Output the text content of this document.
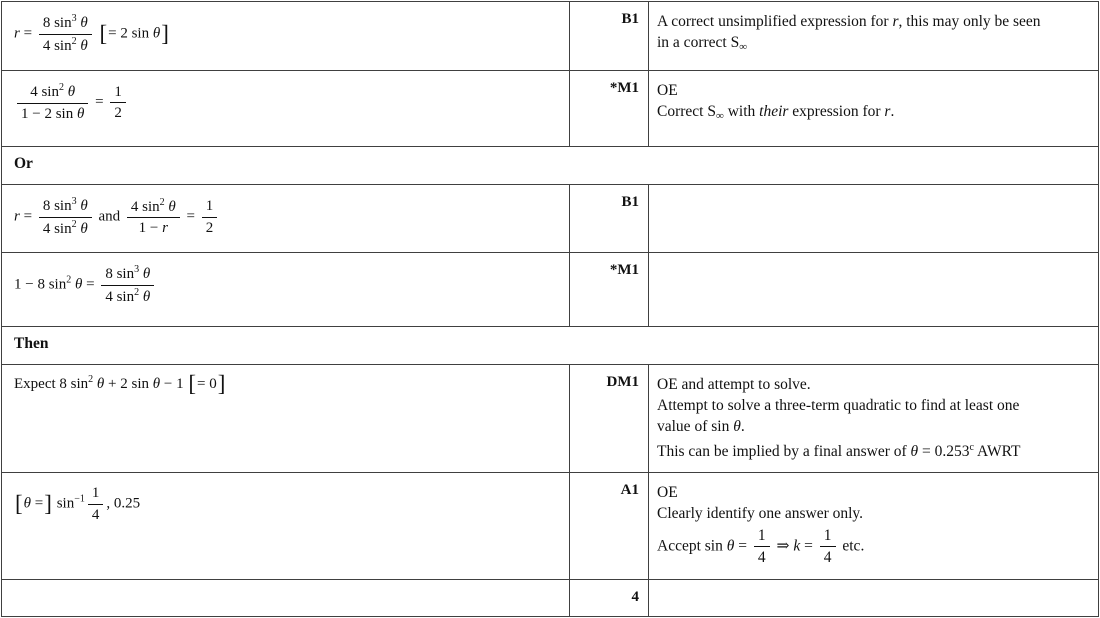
$r = \frac{8 \sin^3 \theta}{4 \sin^2 \theta}$ [= 2 sin θ]	B1	A correct unsimplified expression for r, this may only be seen
in a correct $S_\infty$

$\frac{4 \sin^2 \theta}{\text{1 − 2 sin θ}} = \frac{1}{2}$	*M1	OE
Correct $S_\infty$ with their expression for r.

Or		
$r = \frac{8 \sin^3 \theta}{4 \sin^2 \theta}$ and $\frac{4 \sin^2 \theta}{1 - r} = \frac{1}{2}$	B1	
1 − 8 $\sin^2 \theta = \frac{8 \sin^3 \theta}{4 \sin^2 \theta}$	*M1	
Then		
Expect 8 $\sin^2 \theta + 2$ sin θ − 1 [= 0]	DM1	OE and attempt to solve.
Attempt to solve a three-term quadratic to find at least one
value of sin θ.
This can be implied by a final answer of θ = 0.253$^c$ AWRT

[θ =] $\sin^{-1} \frac{1}{4}$ , 0.25	A1	OE
Clearly identify one answer only.
Accept $\sin \theta = \frac{1}{4}$ ⇒ $k = \frac{1}{4}$ etc.

	4	
